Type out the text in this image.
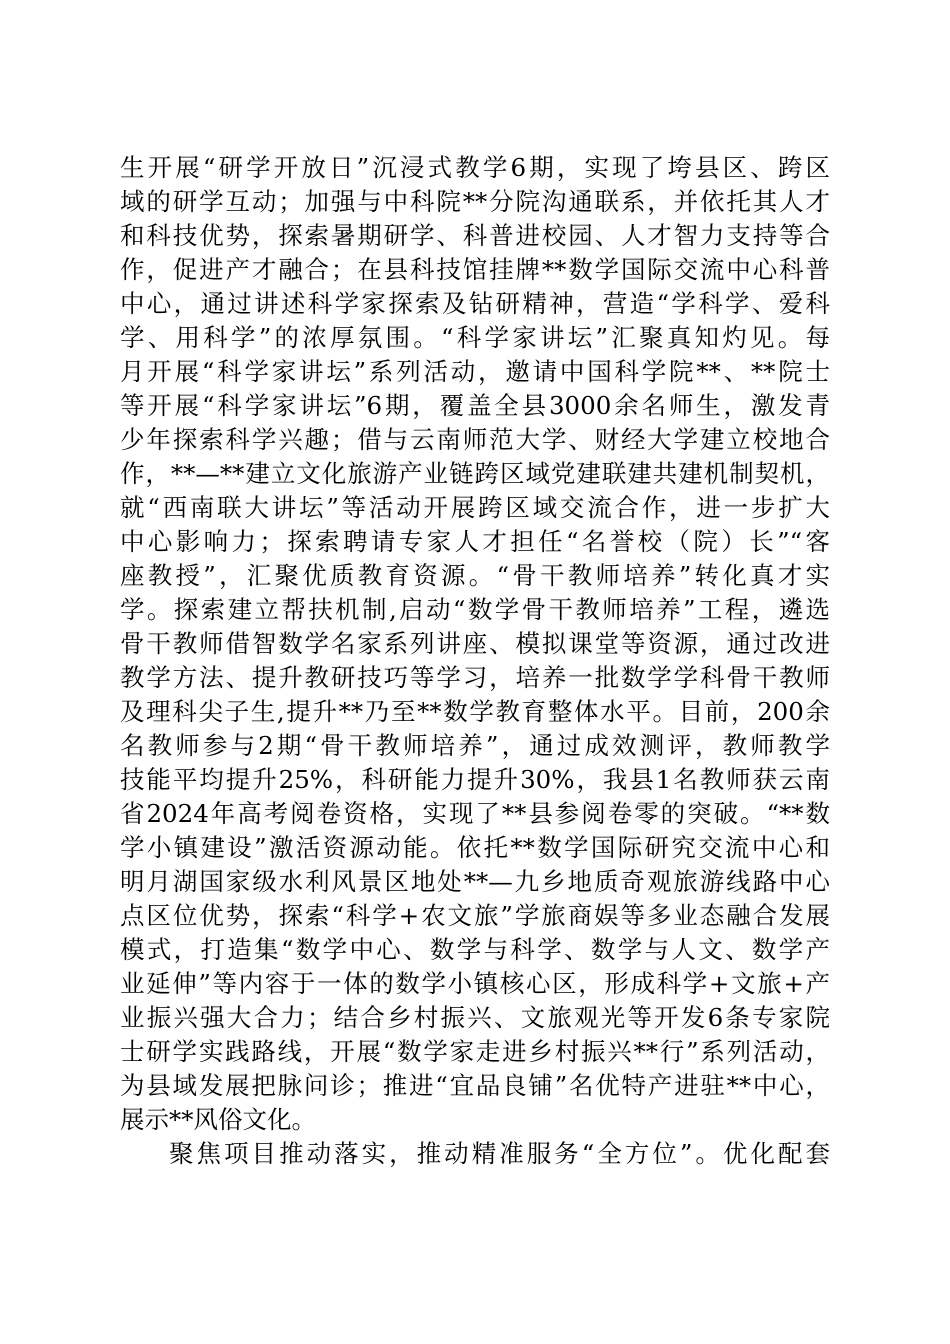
生开展“研学开放日”沉浸式教学6期，实现了垮县区、跨区
域的研学互动；加强与中科院**分院沟通联系，并依托其人才
和科技优势，探索暑期研学、科普进校园、人才智力支持等合
作，促进产才融合；在县科技馆挂牌**数学国际交流中心科普
中心，通过讲述科学家探索及钻研精神，营造“学科学、爱科
学、用科学”的浓厚氛围。“科学家讲坛”汇聚真知灼见。每
月开展“科学家讲坛”系列活动，邀请中国科学院**、**院士
等开展“科学家讲坛”6期，覆盖全县3000余名师生，激发青
少年探索科学兴趣；借与云南师范大学、财经大学建立校地合
作，**—**建立文化旅游产业链跨区域党建联建共建机制契机，
就“西南联大讲坛”等活动开展跨区域交流合作，进一步扩大
中心影响力；探索聘请专家人才担任“名誉校（院）长”“客
座教授”，汇聚优质教育资源。“骨干教师培养”转化真才实
学。探索建立帮扶机制,启动“数学骨干教师培养”工程，遴选
骨干教师借智数学名家系列讲座、模拟课堂等资源，通过改进
教学方法、提升教研技巧等学习，培养一批数学学科骨干教师
及理科尖子生,提升**乃至**数学教育整体水平。目前，200余
名教师参与2期“骨干教师培养”，通过成效测评，教师教学
技能平均提升25%，科研能力提升30%，我县1名教师获云南
省2024年高考阅卷资格，实现了**县参阅卷零的突破。“**数
学小镇建设”激活资源动能。依托**数学国际研究交流中心和
明月湖国家级水利风景区地处**—九乡地质奇观旅游线路中心
点区位优势，探索“科学+农文旅”学旅商娱等多业态融合发展
模式，打造集“数学中心、数学与科学、数学与人文、数学产
业延伸”等内容于一体的数学小镇核心区，形成科学+文旅+产
业振兴强大合力；结合乡村振兴、文旅观光等开发6条专家院
士研学实践路线，开展“数学家走进乡村振兴**行”系列活动，
为县域发展把脉问诊；推进“宜品良铺”名优特产进驻**中心，
展示**风俗文化。
聚焦项目推动落实，推动精准服务“全方位”。优化配套
